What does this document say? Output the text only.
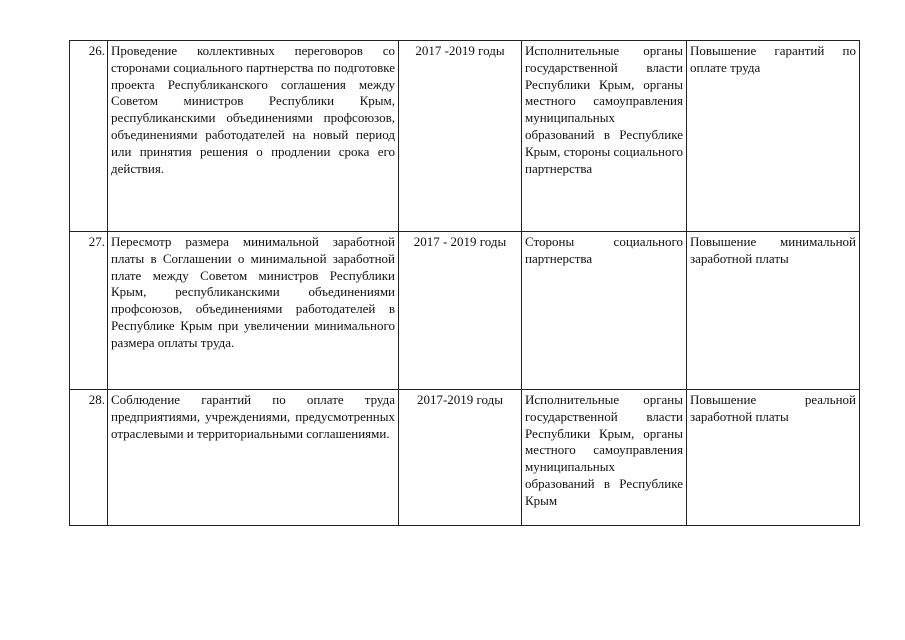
26.	Проведение коллективных переговоров со сторонами социального партнерства по подготовке проекта Республиканского соглашения между Советом министров Республики Крым, республиканскими объединениями профсоюзов, объединениями работодателей на новый период или принятия решения о продлении срока его действия.	2017 -2019 годы	Исполнительные органы государственной власти Республики Крым, органы местного самоуправления муниципальных образований в Республике Крым, стороны социального партнерства	Повышение гарантий по оплате труда
27.	Пересмотр размера минимальной заработной платы в Соглашении о минимальной заработной плате между Советом министров Республики Крым, республиканскими объединениями профсоюзов, объединениями работодателей в Республике Крым при увеличении минимального размера оплаты труда.	2017 - 2019 годы	Стороны социального партнерства	Повышение минимальной заработной платы
28.	Соблюдение гарантий по оплате труда предприятиями, учреждениями, предусмотренных отраслевыми и территориальными соглашениями.	2017-2019 годы	Исполнительные органы государственной власти Республики Крым, органы местного самоуправления муниципальных образований в Республике Крым	Повышение реальной заработной платы
